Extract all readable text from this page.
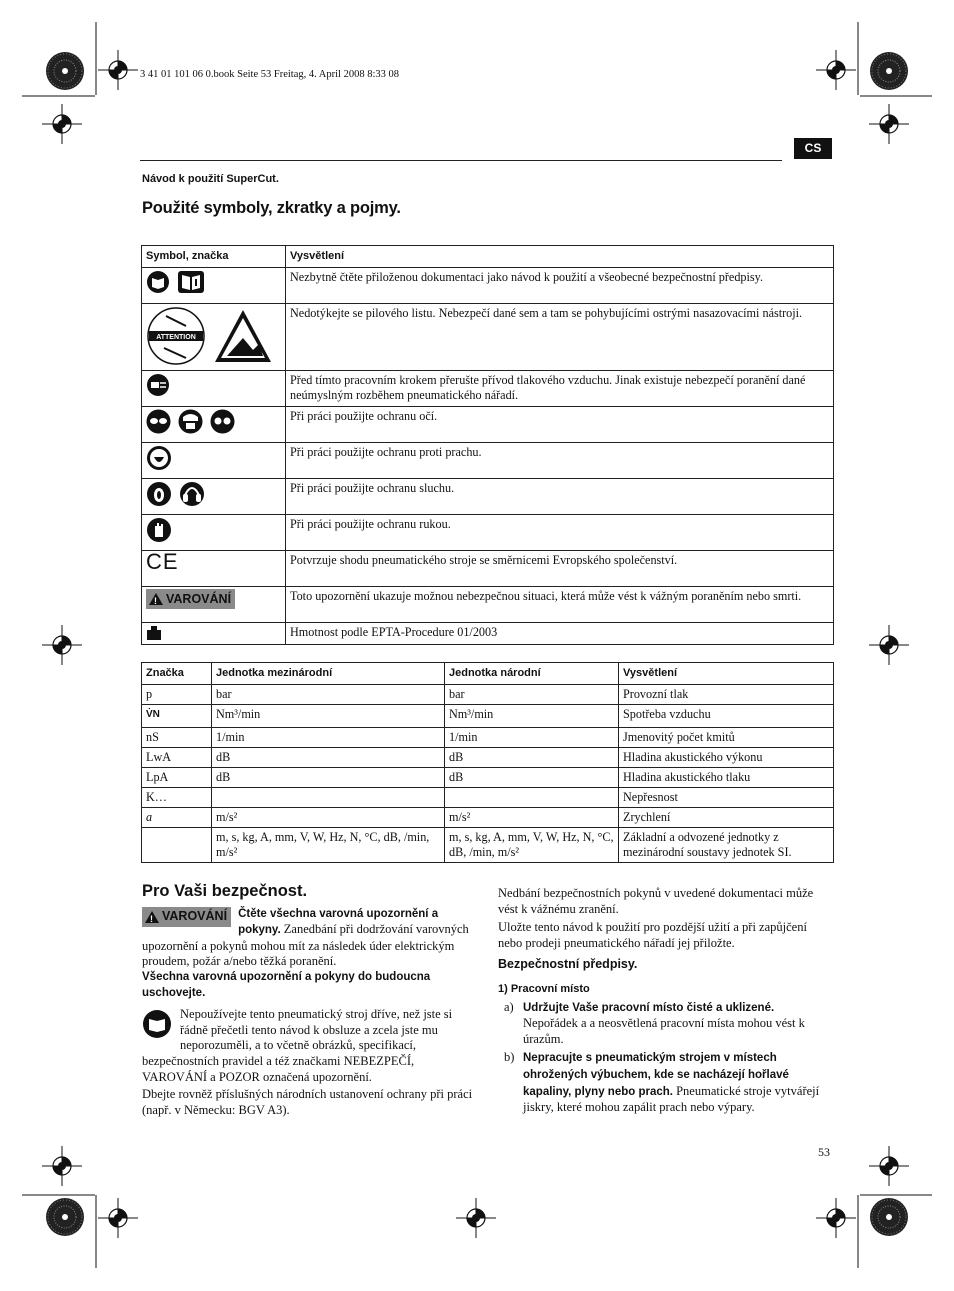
3 41 01 101 06 0.book Seite 53 Freitag, 4. April 2008 8:33 08
CS
Návod k použití SuperCut.
Použité symboly, zkratky a pojmy.
Symbol, značka	Vysvětlení
	Nezbytně čtěte přiloženou dokumentaci jako návod k použití a všeobecné bezpečnostní předpisy.

ATTENTION	Nedotýkejte se pilového listu. Nebezpečí dané sem a tam se pohybujícími ostrými nasazovacími nástroji.
	Před tímto pracovním krokem přerušte přívod tlakového vzduchu. Jinak existuje nebezpečí poranění dané neúmyslným rozběhem pneumatického nářadí.
	Při práci použijte ochranu očí.
	Při práci použijte ochranu proti prachu.
	Při práci použijte ochranu sluchu.
	Při práci použijte ochranu rukou.
CE	Potvrzuje shodu pneumatického stroje se směrnicemi Evropského společenství.

!
VAROVÁNÍ	Toto upozornění ukazuje možnou nebezpečnou situaci, která může vést k vážným poraněním nebo smrti.
	Hmotnost podle EPTA-Procedure 01/2003
Značka	Jednotka mezinárodní	Jednotka národní	Vysvětlení
p	bar	bar	Provozní tlak
V̇N	Nm³/min	Nm³/min	Spotřeba vzduchu
nS	1/min	1/min	Jmenovitý počet kmitů
LwA	dB	dB	Hladina akustického výkonu
LpA	dB	dB	Hladina akustického tlaku
K…			Nepřesnost
a	m/s²	m/s²	Zrychlení
	m, s, kg, A, mm, V, W, Hz, N, °C, dB, /min, m/s²	m, s, kg, A, mm, V, W, Hz, N, °C, dB, /min, m/s²	Základní a odvozené jednotky z mezinárodní soustavy jednotek SI.
Pro Vaši bezpečnost.

!
VAROVÁNÍ Čtěte všechna varovná upozornění a pokyny. Zanedbání při dodržování varovných upozornění a pokynů mohou mít za následek úder elektrickým proudem, požár a/nebo těžká poranění.

Všechna varovná upozornění a pokyny do budoucna uschovejte.

Nepoužívejte tento pneumatický stroj dříve, než jste si řádně přečetli tento návod k obsluze a zcela jste mu neporozuměli, a to včetně obrázků, specifikací, bezpečnostních pravidel a též značkami NEBEZPEČÍ, VAROVÁNÍ a POZOR označená upozornění.

Dbejte rovněž příslušných národních ustanovení ochrany při práci (např. v Německu: BGV A3).

Nedbání bezpečnostních pokynů v uvedené dokumentaci může vést k vážnému zranění.

Uložte tento návod k použití pro pozdější užití a při zapůjčení nebo prodeji pneumatického nářadí jej přiložte.

Bezpečnostní předpisy.

1) Pracovní místo

a) Udržujte Vaše pracovní místo čisté a uklizené.
Nepořádek a a neosvětlená pracovní místa mohou vést k úrazům.
b) Nepracujte s pneumatickým strojem v místech ohrožených výbuchem, kde se nacházejí hořlavé kapaliny, plyny nebo prach. Pneumatické stroje vytvářejí jiskry, které mohou zapálit prach nebo výpary.
53
